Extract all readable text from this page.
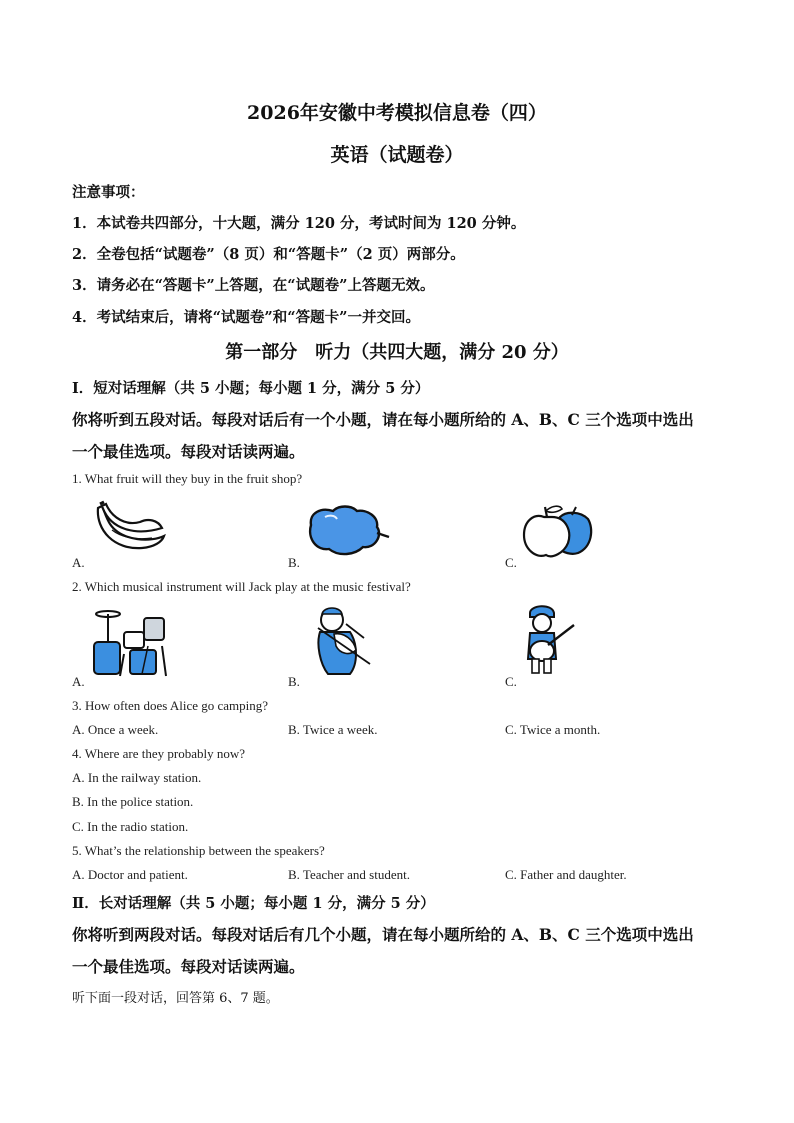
2026年安徽中考模拟信息卷（四）
英语（试题卷）
注意事项：
1．本试卷共四部分，十大题，满分 120 分，考试时间为 120 分钟。
2．全卷包括“试题卷”（8 页）和“答题卡”（2 页）两部分。
3．请务必在“答题卡”上答题，在“试题卷”上答题无效。
4．考试结束后，请将“试题卷”和“答题卡”一并交回。
第一部分　听力（共四大题，满分 20 分）
Ⅰ．短对话理解（共 5 小题；每小题 1 分，满分 5 分）
你将听到五段对话。每段对话后有一个小题，请在每小题所给的 A、B、C 三个选项中选出
一个最佳选项。每段对话读两遍。
1. What fruit will they buy in the fruit shop?
A.	B.	C.
2. Which musical instrument will Jack play at the music festival?
A.	B.	C.
3. How often does Alice go camping?
A. Once a week.	B. Twice a week.	C. Twice a month.
4. Where are they probably now?
A. In the railway station.
B. In the police station.
C. In the radio station.
5. What’s the relationship between the speakers?
A. Doctor and patient.	B. Teacher and student.	C. Father and daughter.
Ⅱ．长对话理解（共 5 小题；每小题 1 分，满分 5 分）
你将听到两段对话。每段对话后有几个小题，请在每小题所给的 A、B、C 三个选项中选出
一个最佳选项。每段对话读两遍。
听下面一段对话，回答第 6、7 题。
